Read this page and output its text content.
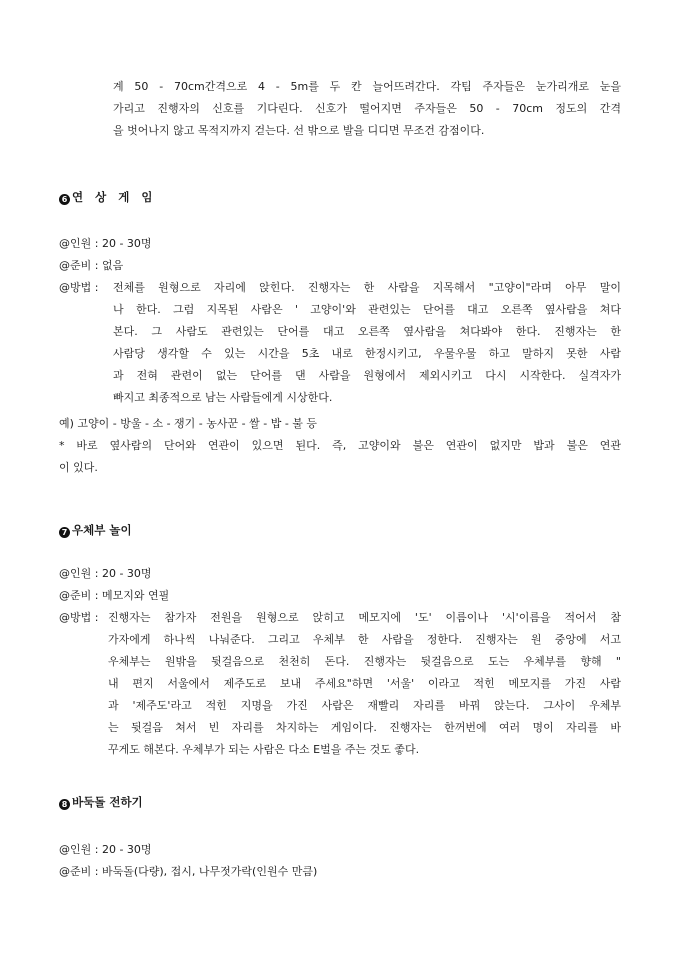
계 50 - 70cm간격으로 4 - 5m를 두 칸 늘어뜨려간다. 각팀 주자들은 눈가리개로 눈을
가리고 진행자의 신호를 기다린다. 신호가 떨어지면 주자들은 50 - 70cm 정도의 간격
을 벗어나지 않고 목적지까지 걷는다. 선 밖으로 발을 디디면 무조건 감점이다.
6 연 상 게 임
@인원 : 20 - 30명
@준비 : 없음
@방법 : 전체를 원형으로 자리에 앉힌다. 진행자는 한 사람을 지목해서 "고양이"라며 아무 말이
나 한다. 그럼 지목된 사람은 ' 고양이'와 관련있는 단어를 대고 오른쪽 옆사람을 쳐다
본다. 그 사람도 관련있는 단어를 대고 오른쪽 옆사람을 쳐다봐야 한다. 진행자는 한
사람당 생각할 수 있는 시간을 5초 내로 한정시키고, 우물우물 하고 말하지 못한 사람
과 전혀 관련이 없는 단어를 댄 사람을 원형에서 제외시키고 다시 시작한다. 실격자가
빠지고 최종적으로 남는 사람들에게 시상한다.
예) 고양이 - 방울 - 소 - 쟁기 - 농사꾼 - 쌀 - 밥 - 불 등
* 바로 옆사람의 단어와 연관이 있으면 된다. 즉, 고양이와 불은 연관이 없지만 밥과 불은 연관
이 있다.
7 우체부 놀이
@인원 : 20 - 30명
@준비 : 메모지와 연필
@방법 : 진행자는 참가자 전원을 원형으로 앉히고 메모지에 '도' 이름이나 '시'이름을 적어서 참
가자에게 하나씩 나눠준다. 그리고 우체부 한 사람을 정한다. 진행자는 원 중앙에 서고
우체부는 원밖을 뒷걸음으로 천천히 돈다. 진행자는 뒷걸음으로 도는 우체부를 향해 "
내 편지 서울에서 제주도로 보내 주세요"하면 '서울' 이라고 적힌 메모지를 가진 사람
과 '제주도'라고 적힌 지명을 가진 사람은 재빨리 자리를 바꿔 앉는다. 그사이 우체부
는 뒷걸음 쳐서 빈 자리를 차지하는 게임이다. 진행자는 한꺼번에 여러 명이 자리를 바
꾸게도 해본다. 우체부가 되는 사람은 다소 E벌을 주는 것도 좋다.
8 바둑돌 전하기
@인원 : 20 - 30명
@준비 : 바둑돌(다량), 접시, 나무젓가락(인원수 만큼)
